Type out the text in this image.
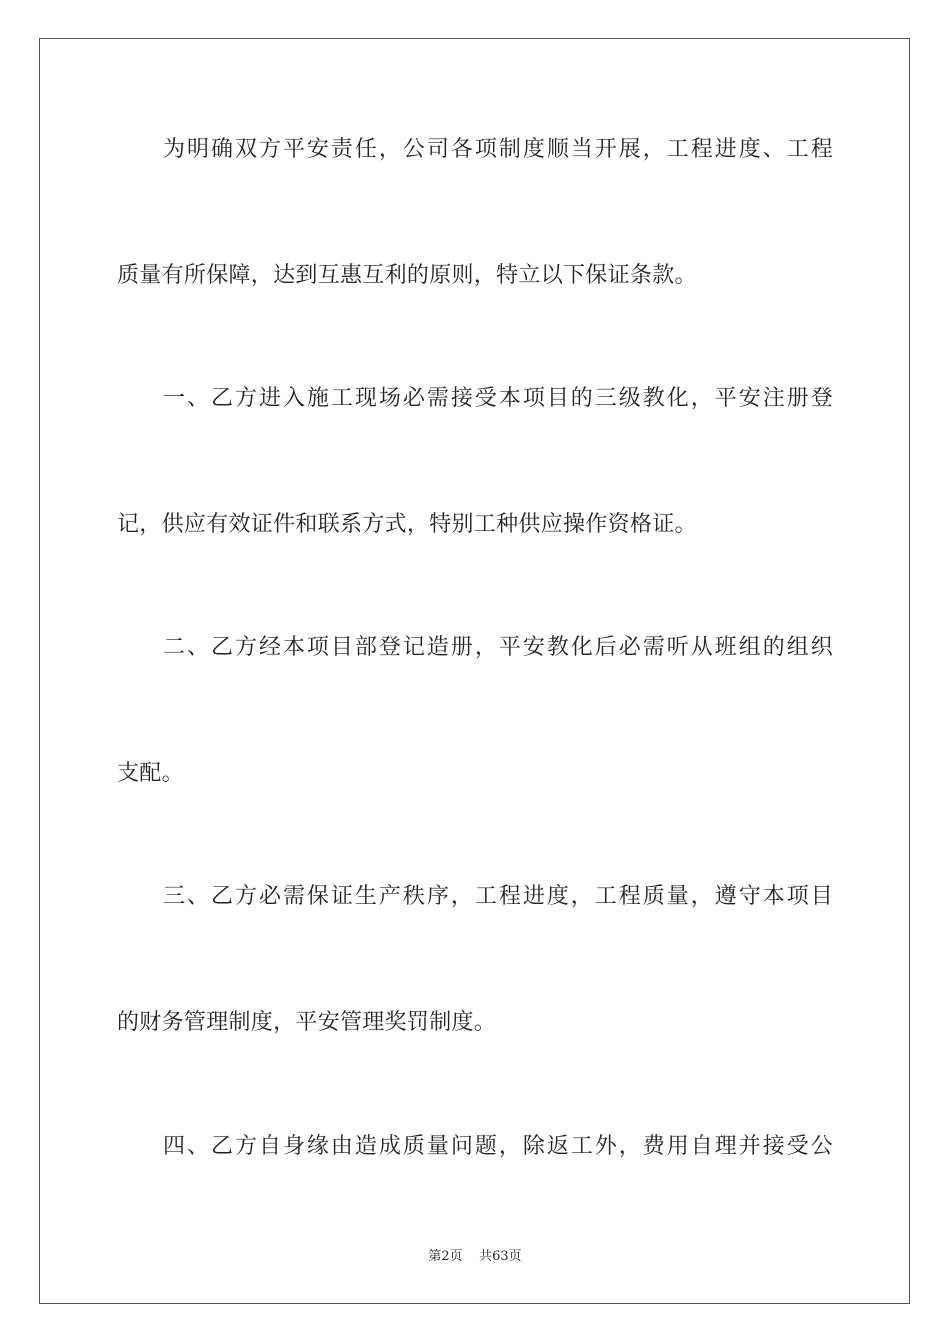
为明确双方平安责任，公司各项制度顺当开展，工程进度、工程
质量有所保障，达到互惠互利的原则，特立以下保证条款。
一、乙方进入施工现场必需接受本项目的三级教化，平安注册登
记，供应有效证件和联系方式，特别工种供应操作资格证。
二、乙方经本项目部登记造册，平安教化后必需听从班组的组织
支配。
三、乙方必需保证生产秩序，工程进度，工程质量，遵守本项目
的财务管理制度，平安管理奖罚制度。
四、乙方自身缘由造成质量问题，除返工外，费用自理并接受公
第2页 共63页
